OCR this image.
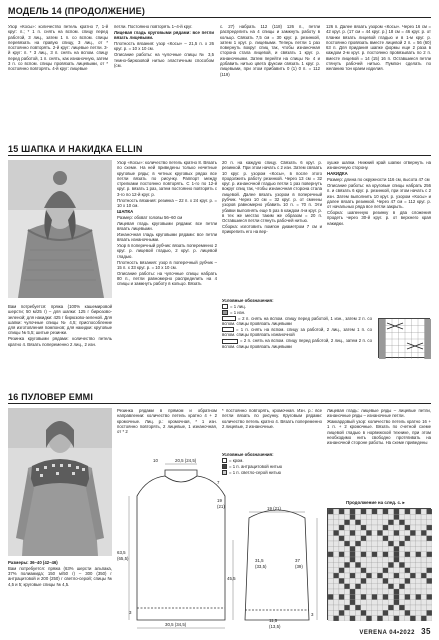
МОДЕЛЬ 14 (ПРОДОЛЖЕНИЕ)

Узор «Косы»: количество петель кратно 7, 1-й круг: п.; * 1 п. снять на вспом. спицу перед работой, 3 лиц., затем 1 п. со вспом. спицы перевязать на правую спицу, 3 лиц., от * постоянно повторять. 2-й круг: лицевые петли. 3-й круг: п. * 3 лиц., 3 п. снять на вспом. спицу перед работой, 1 п. снять, как изнаночную, затем 3 п. со вспом. спицы провязать лицевыми, от * постоянно повторять. 4-й круг: лицевые

петли. Постоянно повторять 1–4-й круг.

Лицевая гладь круговыми рядами: все петли вязать лицевыми.

Плотность вязания: узор «Косы» – 21,5 п. x 26 круг. р. = 10 x 10 см.

Описание работы: на чулочные спицы № 3,5 темно-бирюзовой нитью эластичным способом (см.

с. 27) набрать 112 (118) 126 п., петли распределить на 4 спицы и замкнуть работу в кольцо. Связать 7,5 см = 30 круг. р. резинкой, затем 1 круг. р. лицевыми. Теперь петли 1 раз повернуть вокруг спиц так, чтобы изнаночная сторона стала лицевой, и связать 1 круг. р. изнаночными. Затем перейти на спицы № 4 и добавить нитью цвета фуксии связать 1 круг. р. лицевыми, при этом прибавить 0 (1) 0 п. = 112 (119)

126 п. Далее вязать узором «Косы». Через 16 см = 42 круг. р. (17 см = 44 круг. р.) 18 см = 46 круг. р. от планки вязать лицевой гладью и в 1-м круг. р. постоянно провязать вместе лицевой 2 п. = 56 (60) 63 п. Для придания шапке формы еще 2 раза в каждом 2-м круг. р. постоянно провязывать по 2 п. вместе лицевой = 14 (15) 16 п. Оставшиеся петли стянуть рабочей нитью. Пумпон сделать по желанию тон краем изделия.

15 ШАПКА И НАКИДКА ELLIN

Вам потребуется: пряжа (100% кашемировой шерсти; 50 м/25 г) – для шапки: 125 г бирюзово-зеленой; для накидки: 425 г бирюзово-зеленой. Для шапки: чулочные спицы № 4,5; приспособление для изготовления помпонов; для накидки: круговые спицы № 5,5; шитые резинки.

Резинка круговыми рядами: количество петель кратно 4. Вязать попеременно 2 лиц., 2 изн.

Узор «Косы»: количество петель кратно 8. Вязать по схеме. На ней приведены только нечетные круговые ряды; в четных круговых рядах все петли вязать по рисунку. Раппорт между стрелками постоянно повторять. С 1-го по 12-й круг. р. вязать 1 раз, затем постоянно повторять с 3-го по 12-й круг. р.

Плотность вязания: резинка – 22 п. x 24 круг. р. = 10 x 10 см.

ШАПКА

Размер: обхват головы 56–60 см

Лицевая гладь круговыми рядами: все петли вязать лицевыми.

Изнаночная гладь круговыми рядами: все петли вязать изнаночными.

Узор в поперечный рубчик: вязать попеременно 2 круг. р. лицевой гладью, 2 круг. р. лицевой гладью.

Плотность вязания: узор в поперечный рубчик – 15 п. x 33 круг. р. = 10 x 10 см.

Описание работы: на чулочные спицы набрать 80 п., петли равномерно распределить на 4 спицы и замкнуть работу в кольцо. Вязать

20 п. на каждую спицу. Связать 6 круг. р. резинкой. При этом начать с 2 изн. Затем связать 10 круг. р. узором «Косы», в после этого продолжить работу резинкой. Через 13 см = 32 круг. р. изнаночной гладью петли 1 раз повернуть вокруг спиц так, чтобы изнаночная сторона стала лицевой. Далее вязать узором в поперечный рубчик. Через 10 см = 32 круг. р. от сменны узоров равномерно убавить 10 п. = 70 п. Эти убавки выполнять еще 5 раз в каждом 4-м круг. р. в тех же местах таким же образом = 20 п. Оставшиеся петли стянуть рабочей нитью.

Сборка: изготовить помпон диаметром 7 см и прикрепить его на вер-

хушке шапки. Нижний край шапки отвернуть на изнаночную сторону.

НАКИДКА

Размер: длина по окружности 116 см, высота 47 см

Описание работы: на круговые спицы набрать 256 п. и связать 6 круг. р. резинкой, при этом начать с 2 изн. Затем выполнить 10 круг. р. узором «Косы» и далее вязать резинкой. Через 47 см = 112 круг. р. от начальных ряда все петли закрыть.

Сборка: шапенную резинку в два сложения продеть через 30-й круг. р. от верхнего края накидки.

Условные обозначения:

= 1 лиц.

= 1 изн.

= 2 п. снять на вспом. спицу перед работой, 1 изн., затем 2 п. со вспом. спицы провязать лицевыми

= 1 п. снять на вспом. спицу за работой, 2 лиц., затем 1 п. со вспом. спицы провязать изнаночной

= 2 п. снять на вспом. спицу перед работой, 2 лиц., затем 2 п. со вспом. спицы провязать лицевыми

16 ПУЛОВЕР EMMI

Размеры: 36–40 (42–46)

Вам потребуется: пряжа (63% шерсти альпака, 37% полиамида; 150 м/50 г) – 300 (350) г антрацитовой и 200 (250) г светло-серой; спицы № 4,5 и 5; круговые спицы № 4,5.

Резинка рядами в прямом и обратном направлении: количество петель кратно 4 + 2 кромочные. Лиц. р.: кромочная, * 1 изн. постоянно повторять, 2 лицевые, 1 изнаночная, от * 2

* постоянно повторять, кромочная. Изн. р.: все петли вязать по рисунку. Круговым рядами: количество петель кратно 4. Вязать попеременно 2 лицевые, 2 изнаночные.

Условные обозначения:

= кром.

= 1 п. антрацитовой нитью

= 1 п. светло-серой нитью

10	20,5 (24,5)
7
19
(21)
63,5
(65,5)
45,5
3
30,5 (34,5)
19 (21)
31,5
(33,5)
37
(39)
3
11,5
(13,5)

Лицевая гладь: лицевые ряды – лицевые петли, изнаночные ряды – изнаночные петли.

Жаккардовый узор: количество петель кратно 16 + 1 п. + 2 кромочные. Вязать по счетной схеме лицевой гладью в норвежской технике, при этом необходимо нить свободно протягивать на изнаночной стороне работы. На схеме приведены

Продолжение на след. с. ▸
VERENA 04•2022 35
